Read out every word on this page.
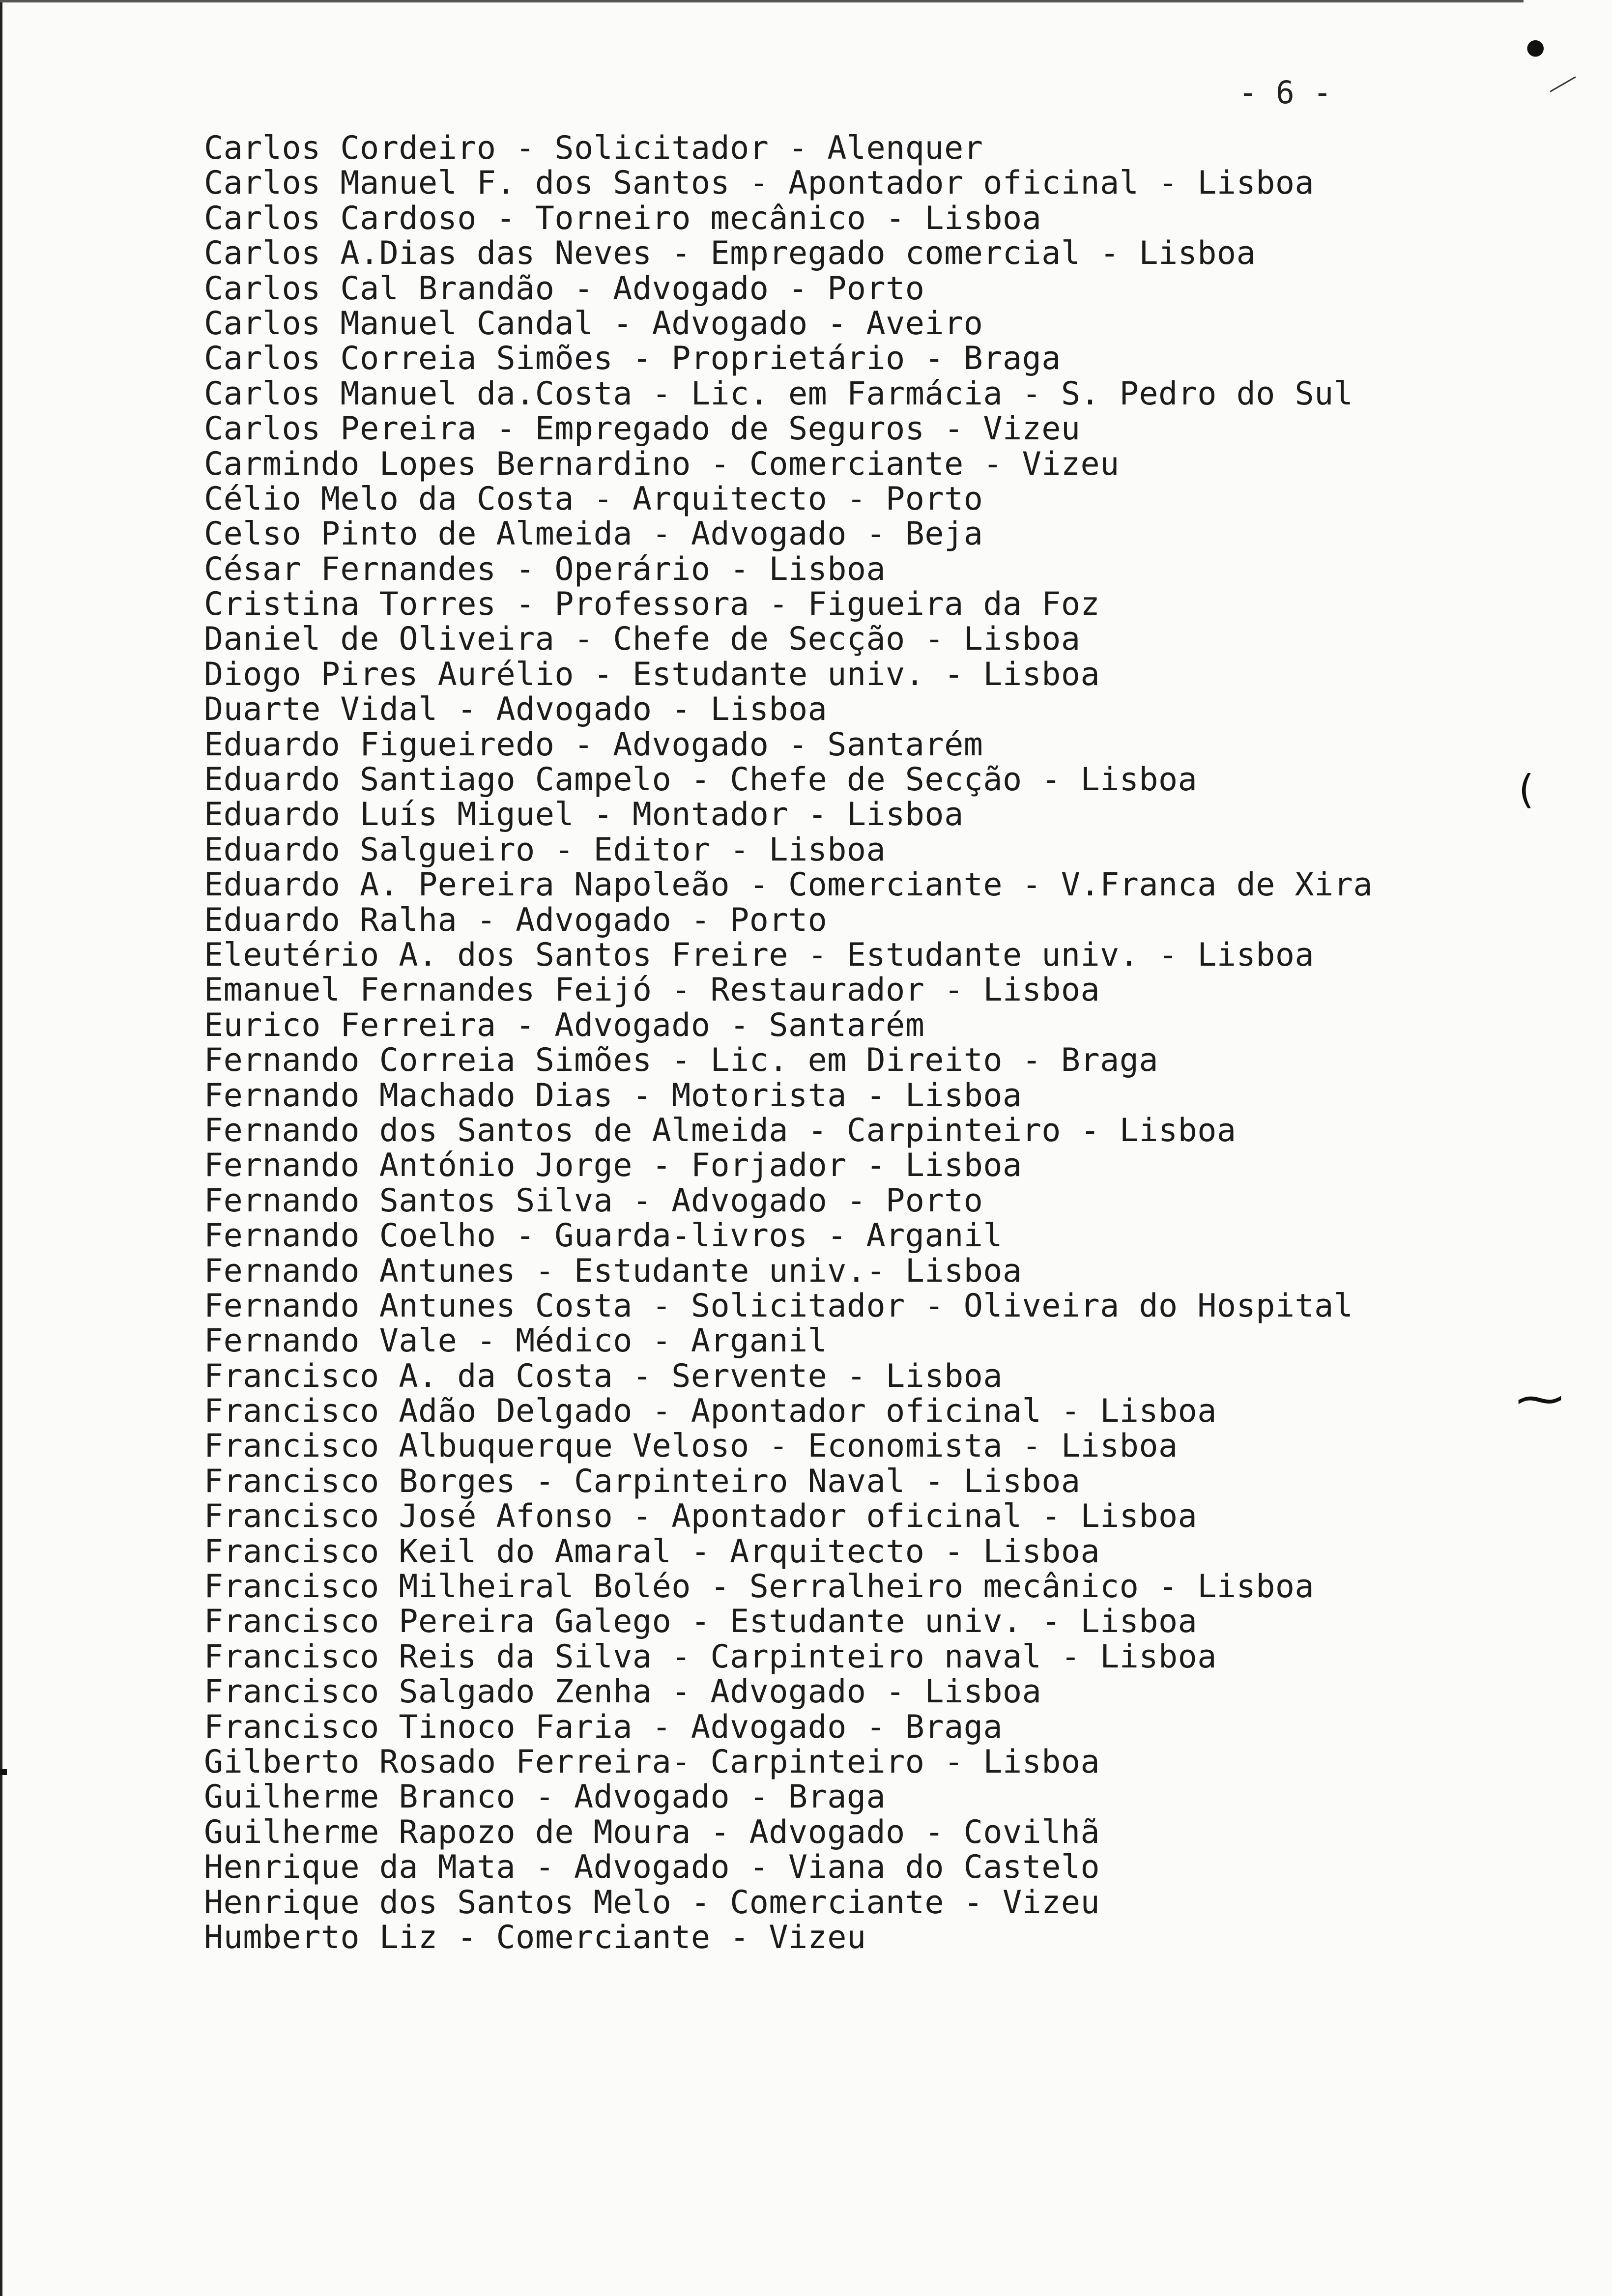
- 6 -
Carlos Cordeiro - Solicitador - Alenquer
Carlos Manuel F. dos Santos - Apontador oficinal - Lisboa
Carlos Cardoso - Torneiro mecânico - Lisboa
Carlos A.Dias das Neves - Empregado comercial - Lisboa
Carlos Cal Brandão - Advogado - Porto
Carlos Manuel Candal - Advogado - Aveiro
Carlos Correia Simões - Proprietário - Braga
Carlos Manuel da.Costa - Lic. em Farmácia - S. Pedro do Sul
Carlos Pereira - Empregado de Seguros - Vizeu
Carmindo Lopes Bernardino - Comerciante - Vizeu
Célio Melo da Costa - Arquitecto - Porto
Celso Pinto de Almeida - Advogado - Beja
César Fernandes - Operário - Lisboa
Cristina Torres - Professora - Figueira da Foz
Daniel de Oliveira - Chefe de Secção - Lisboa
Diogo Pires Aurélio - Estudante univ. - Lisboa
Duarte Vidal - Advogado - Lisboa
Eduardo Figueiredo - Advogado - Santarém
Eduardo Santiago Campelo - Chefe de Secção - Lisboa
Eduardo Luís Miguel - Montador - Lisboa
Eduardo Salgueiro - Editor - Lisboa
Eduardo A. Pereira Napoleão - Comerciante - V.Franca de Xira
Eduardo Ralha - Advogado - Porto
Eleutério A. dos Santos Freire - Estudante univ. - Lisboa
Emanuel Fernandes Feijó - Restaurador - Lisboa
Eurico Ferreira - Advogado - Santarém
Fernando Correia Simões - Lic. em Direito - Braga
Fernando Machado Dias - Motorista - Lisboa
Fernando dos Santos de Almeida - Carpinteiro - Lisboa
Fernando António Jorge - Forjador - Lisboa
Fernando Santos Silva - Advogado - Porto
Fernando Coelho - Guarda-livros - Arganil
Fernando Antunes - Estudante univ.- Lisboa
Fernando Antunes Costa - Solicitador - Oliveira do Hospital
Fernando Vale - Médico - Arganil
Francisco A. da Costa - Servente - Lisboa
Francisco Adão Delgado - Apontador oficinal - Lisboa
Francisco Albuquerque Veloso - Economista - Lisboa
Francisco Borges - Carpinteiro Naval - Lisboa
Francisco José Afonso - Apontador oficinal - Lisboa
Francisco Keil do Amaral - Arquitecto - Lisboa
Francisco Milheiral Boléo - Serralheiro mecânico - Lisboa
Francisco Pereira Galego - Estudante univ. - Lisboa
Francisco Reis da Silva - Carpinteiro naval - Lisboa
Francisco Salgado Zenha - Advogado - Lisboa
Francisco Tinoco Faria - Advogado - Braga
Gilberto Rosado Ferreira- Carpinteiro - Lisboa
Guilherme Branco - Advogado - Braga
Guilherme Rapozo de Moura - Advogado - Covilhã
Henrique da Mata - Advogado - Viana do Castelo
Henrique dos Santos Melo - Comerciante - Vizeu
Humberto Liz - Comerciante - Vizeu
●
(
⁓
